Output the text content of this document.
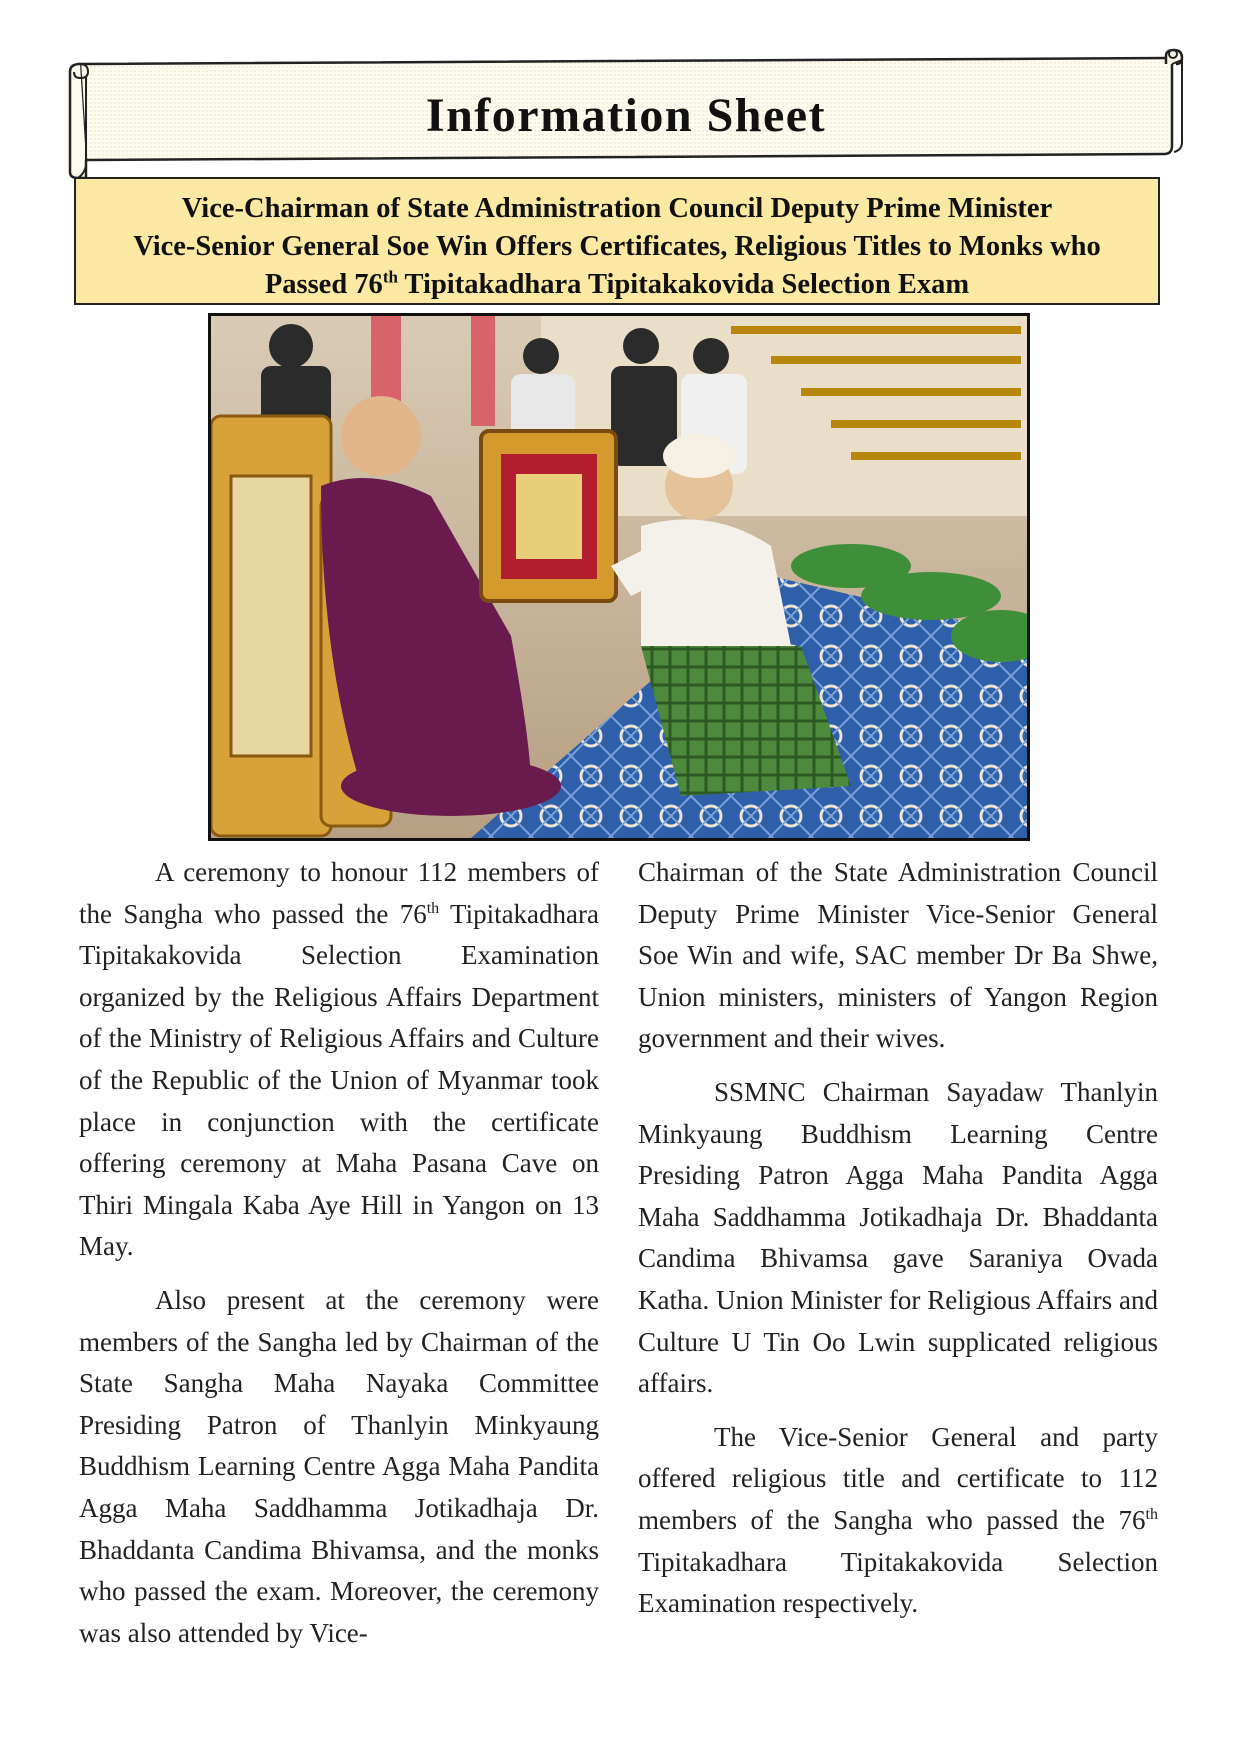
Information Sheet
Vice-Chairman of State Administration Council Deputy Prime Minister
Vice-Senior General Soe Win Offers Certificates, Religious Titles to Monks who
Passed 76th Tipitakadhara Tipitakakovida Selection Exam

A ceremony to honour 112 members of the Sangha who passed the 76th Tipitakadhara Tipitakakovida Selection Examination organized by the Religious Affairs Department of the Ministry of Religious Affairs and Culture of the Republic of the Union of Myanmar took place in conjunction with the certificate offering ceremony at Maha Pasana Cave on Thiri Mingala Kaba Aye Hill in Yangon on 13 May.

Also present at the ceremony were members of the Sangha led by Chairman of the State Sangha Maha Nayaka Committee Presiding Patron of Thanlyin Minkyaung Buddhism Learning Centre Agga Maha Pandita Agga Maha Saddhamma Jotikadhaja Dr. Bhaddanta Candima Bhivamsa, and the monks who passed the exam. Moreover, the ceremony was also attended by Vice-

Chairman of the State Administration Council Deputy Prime Minister Vice-Senior General Soe Win and wife, SAC member Dr Ba Shwe, Union ministers, ministers of Yangon Region government and their wives.

SSMNC Chairman Sayadaw Thanlyin Minkyaung Buddhism Learning Centre Presiding Patron Agga Maha Pandita Agga Maha Saddhamma Jotikadhaja Dr. Bhaddanta Candima Bhivamsa gave Saraniya Ovada Katha. Union Minister for Religious Affairs and Culture U Tin Oo Lwin supplicated religious affairs.

The Vice-Senior General and party offered religious title and certificate to 112 members of the Sangha who passed the 76th Tipitakadhara Tipitakakovida Selection Examination respectively.
